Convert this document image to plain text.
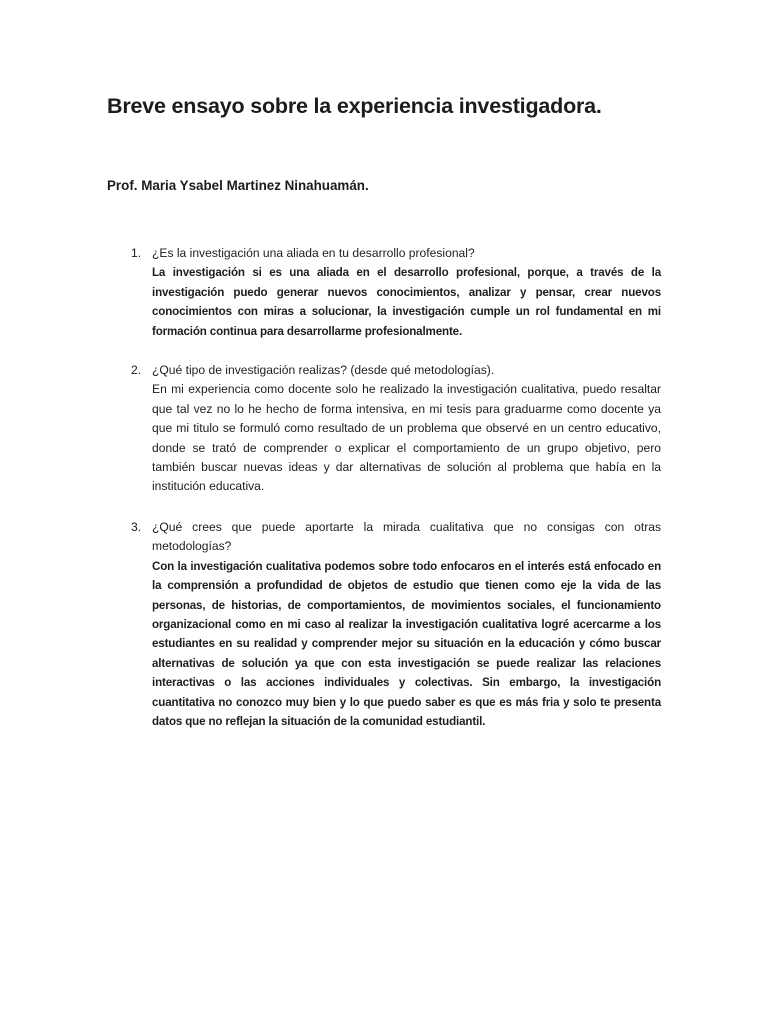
Breve ensayo sobre la experiencia investigadora.

Prof. Maria Ysabel Martinez Ninahuamán.

1. ¿Es la investigación una aliada en tu desarrollo profesional?
La investigación si es una aliada en el desarrollo profesional, porque, a través de la investigación puedo generar nuevos conocimientos, analizar y pensar, crear nuevos conocimientos con miras a solucionar, la investigación cumple un rol fundamental en mi formación continua para desarrollarme profesionalmente.
2. ¿Qué tipo de investigación realizas? (desde qué metodologías).
En mi experiencia como docente solo he realizado la investigación cualitativa, puedo resaltar que tal vez no lo he hecho de forma intensiva, en mi tesis para graduarme como docente ya que mi titulo se formuló como resultado de un problema que observé en un centro educativo, donde se trató de comprender o explicar el comportamiento de un grupo objetivo, pero también buscar nuevas ideas y dar alternativas de solución al problema que había en la institución educativa.
3. ¿Qué crees que puede aportarte la mirada cualitativa que no consigas con otras metodologías?
Con la investigación cualitativa podemos sobre todo enfocaros en el interés está enfocado en la comprensión a profundidad de objetos de estudio que tienen como eje la vida de las personas, de historias, de comportamientos, de movimientos sociales, el funcionamiento organizacional como en mi caso al realizar la investigación cualitativa logré acercarme a los estudiantes en su realidad y comprender mejor su situación en la educación y cómo buscar alternativas de solución ya que con esta investigación se puede realizar las relaciones interactivas o las acciones individuales y colectivas. Sin embargo, la investigación cuantitativa no conozco muy bien y lo que puedo saber es que es más fria y solo te presenta datos que no reflejan la situación de la comunidad estudiantil.
